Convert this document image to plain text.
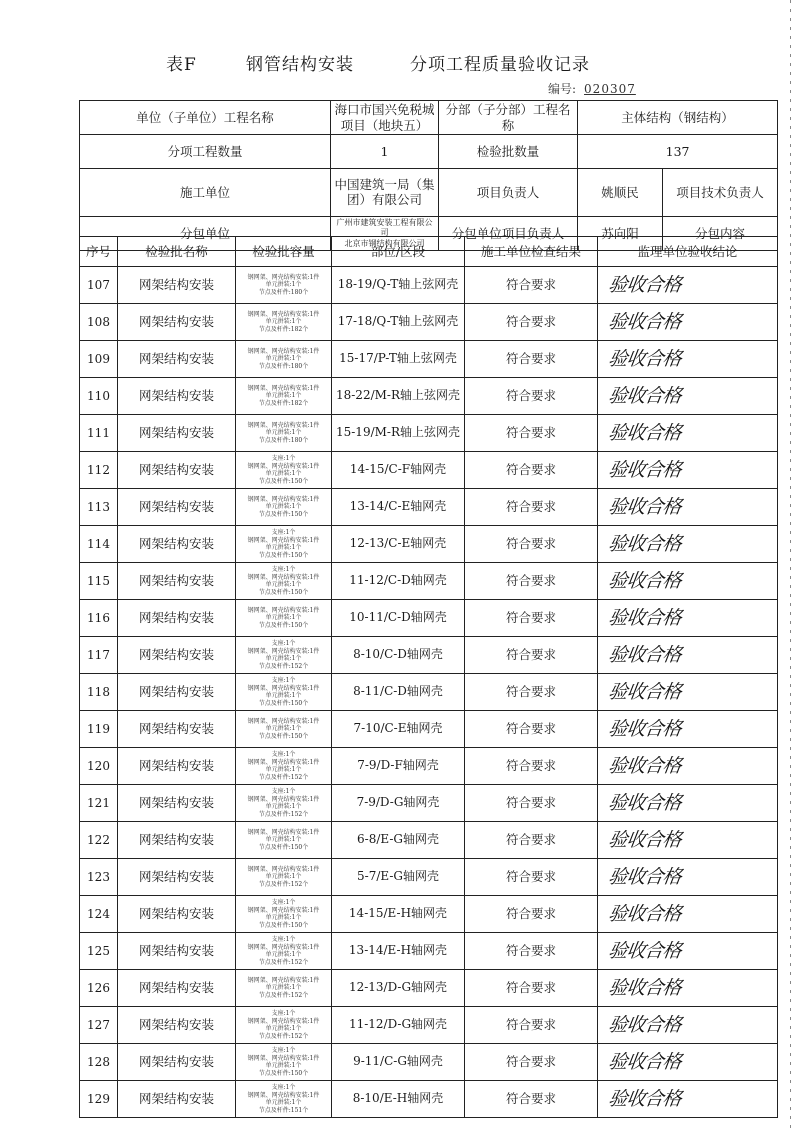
表F	钢管结构安装	分项工程质量验收记录
编号: 020307
单位（子单位）工程名称	海口市国兴免税城项目（地块五）	分部（子分部）工程名称	主体结构（钢结构）		
分项工程数量	1	检验批数量	137		
施工单位	中国建筑一局（集团）有限公司	项目负责人	姚顺民	项目技术负责人	
分包单位	广州市建筑安装工程有限公司
北京市钢结构有限公司	分包单位项目负责人	苏向阳	分包内容	
序号	检验批名称	检验批容量	部位/区段	施工单位检查结果	监理单位验收结论
107	网架结构安装	钢网架、网壳结构安装:1件
单元拼装:1个
节点及杆件:180个	18-19/Q-T轴上弦网壳	符合要求	验收合格
108	网架结构安装	钢网架、网壳结构安装:1件
单元拼装:1个
节点及杆件:182个	17-18/Q-T轴上弦网壳	符合要求	验收合格
109	网架结构安装	钢网架、网壳结构安装:1件
单元拼装:1个
节点及杆件:180个	15-17/P-T轴上弦网壳	符合要求	验收合格
110	网架结构安装	钢网架、网壳结构安装:1件
单元拼装:1个
节点及杆件:182个	18-22/M-R轴上弦网壳	符合要求	验收合格
111	网架结构安装	钢网架、网壳结构安装:1件
单元拼装:1个
节点及杆件:180个	15-19/M-R轴上弦网壳	符合要求	验收合格
112	网架结构安装	支座:1个
钢网架、网壳结构安装:1件
单元拼装:1个
节点及杆件:150个	14-15/C-F轴网壳	符合要求	验收合格
113	网架结构安装	钢网架、网壳结构安装:1件
单元拼装:1个
节点及杆件:150个	13-14/C-E轴网壳	符合要求	验收合格
114	网架结构安装	支座:1个
钢网架、网壳结构安装:1件
单元拼装:1个
节点及杆件:150个	12-13/C-E轴网壳	符合要求	验收合格
115	网架结构安装	支座:1个
钢网架、网壳结构安装:1件
单元拼装:1个
节点及杆件:150个	11-12/C-D轴网壳	符合要求	验收合格
116	网架结构安装	钢网架、网壳结构安装:1件
单元拼装:1个
节点及杆件:150个	10-11/C-D轴网壳	符合要求	验收合格
117	网架结构安装	支座:1个
钢网架、网壳结构安装:1件
单元拼装:1个
节点及杆件:152个	8-10/C-D轴网壳	符合要求	验收合格
118	网架结构安装	支座:1个
钢网架、网壳结构安装:1件
单元拼装:1个
节点及杆件:150个	8-11/C-D轴网壳	符合要求	验收合格
119	网架结构安装	钢网架、网壳结构安装:1件
单元拼装:1个
节点及杆件:150个	7-10/C-E轴网壳	符合要求	验收合格
120	网架结构安装	支座:1个
钢网架、网壳结构安装:1件
单元拼装:1个
节点及杆件:152个	7-9/D-F轴网壳	符合要求	验收合格
121	网架结构安装	支座:1个
钢网架、网壳结构安装:1件
单元拼装:1个
节点及杆件:152个	7-9/D-G轴网壳	符合要求	验收合格
122	网架结构安装	钢网架、网壳结构安装:1件
单元拼装:1个
节点及杆件:150个	6-8/E-G轴网壳	符合要求	验收合格
123	网架结构安装	钢网架、网壳结构安装:1件
单元拼装:1个
节点及杆件:152个	5-7/E-G轴网壳	符合要求	验收合格
124	网架结构安装	支座:1个
钢网架、网壳结构安装:1件
单元拼装:1个
节点及杆件:150个	14-15/E-H轴网壳	符合要求	验收合格
125	网架结构安装	支座:1个
钢网架、网壳结构安装:1件
单元拼装:1个
节点及杆件:152个	13-14/E-H轴网壳	符合要求	验收合格
126	网架结构安装	钢网架、网壳结构安装:1件
单元拼装:1个
节点及杆件:152个	12-13/D-G轴网壳	符合要求	验收合格
127	网架结构安装	支座:1个
钢网架、网壳结构安装:1件
单元拼装:1个
节点及杆件:152个	11-12/D-G轴网壳	符合要求	验收合格
128	网架结构安装	支座:1个
钢网架、网壳结构安装:1件
单元拼装:1个
节点及杆件:150个	9-11/C-G轴网壳	符合要求	验收合格
129	网架结构安装	支座:1个
钢网架、网壳结构安装:1件
单元拼装:1个
节点及杆件:151个	8-10/E-H轴网壳	符合要求	验收合格
